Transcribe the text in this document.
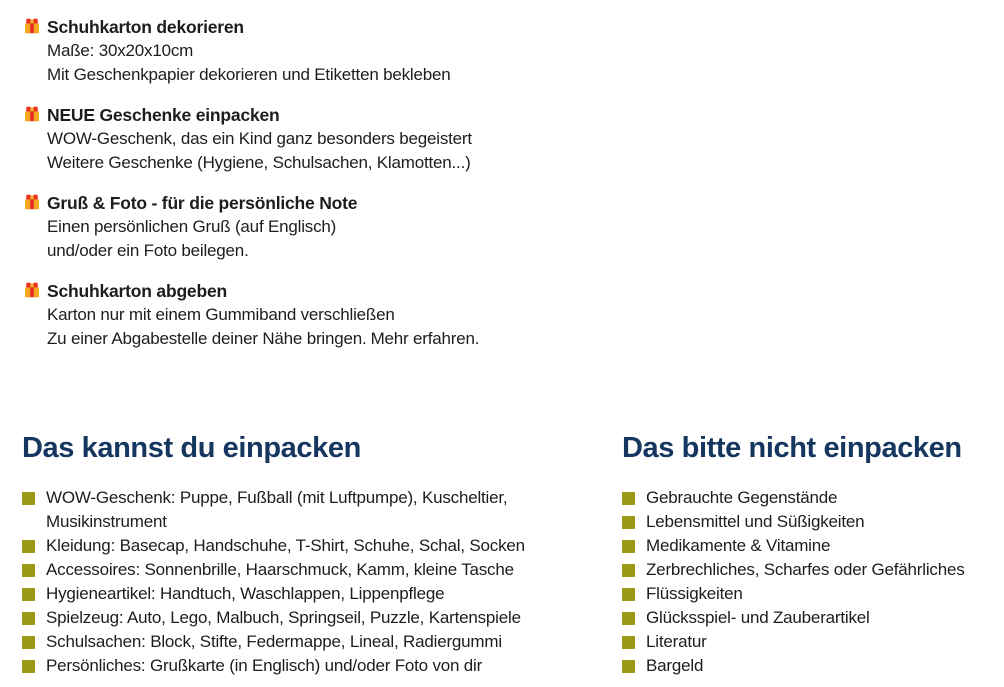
Schuhkarton dekorieren
Maße: 30x20x10cm
Mit Geschenkpapier dekorieren und Etiketten bekleben
NEUE Geschenke einpacken
WOW-Geschenk, das ein Kind ganz besonders begeistert
Weitere Geschenke (Hygiene, Schulsachen, Klamotten...)
Gruß & Foto - für die persönliche Note
Einen persönlichen Gruß (auf Englisch)
und/oder ein Foto beilegen.
Schuhkarton abgeben
Karton nur mit einem Gummiband verschließen
Zu einer Abgabestelle deiner Nähe bringen. Mehr erfahren.
Das kannst du einpacken
WOW-Geschenk: Puppe, Fußball (mit Luftpumpe), Kuscheltier, Musikinstrument
Kleidung: Basecap, Handschuhe, T-Shirt, Schuhe, Schal, Socken
Accessoires: Sonnenbrille, Haarschmuck, Kamm, kleine Tasche
Hygieneartikel: Handtuch, Waschlappen, Lippenpflege
Spielzeug: Auto, Lego, Malbuch, Springseil, Puzzle, Kartenspiele
Schulsachen: Block, Stifte, Federmappe, Lineal, Radiergummi
Persönliches: Grußkarte (in Englisch) und/oder Foto von dir
Das bitte nicht einpacken
Gebrauchte Gegenstände
Lebensmittel und Süßigkeiten
Medikamente & Vitamine
Zerbrechliches, Scharfes oder Gefährliches
Flüssigkeiten
Glücksspiel- und Zauberartikel
Literatur
Bargeld
